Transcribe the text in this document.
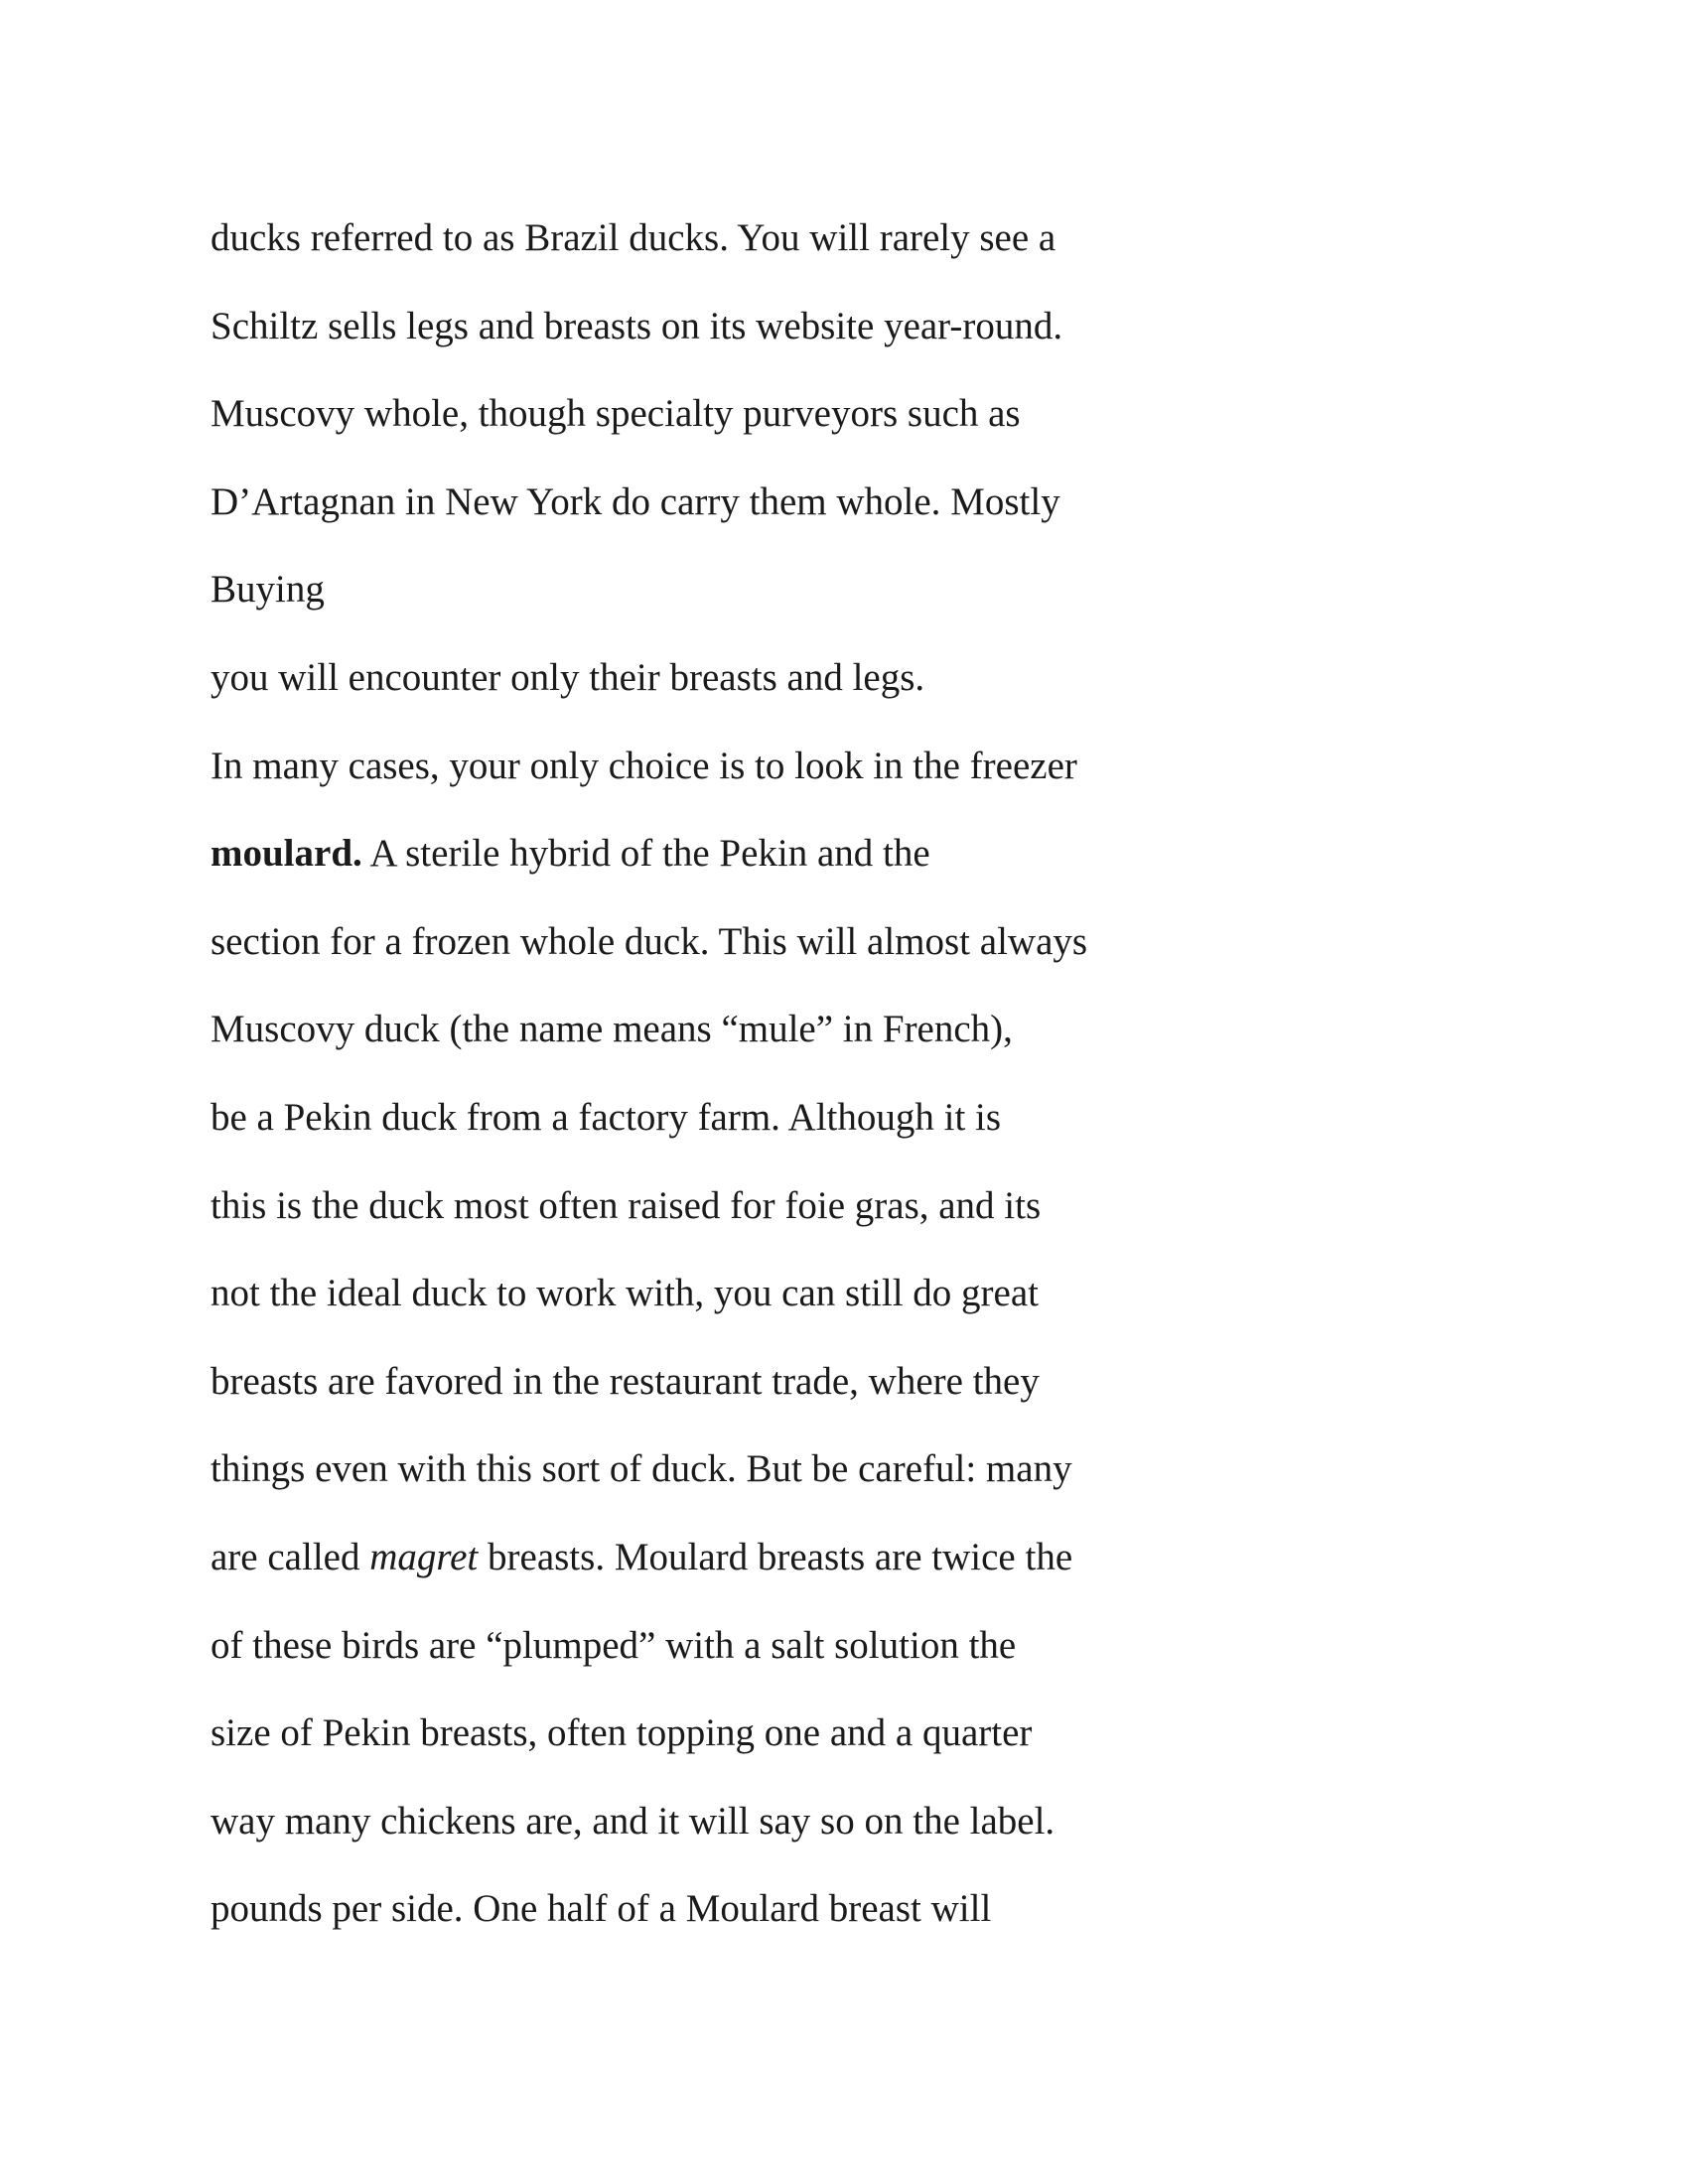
ducks referred to as Brazil ducks. You will rarely see a
Schiltz sells legs and breasts on its website year-round.
Muscovy whole, though specialty purveyors such as
D’Artagnan in New York do carry them whole. Mostly
Buying
you will encounter only their breasts and legs.
In many cases, your only choice is to look in the freezer
moulard. A sterile hybrid of the Pekin and the
section for a frozen whole duck. This will almost always
Muscovy duck (the name means “mule” in French),
be a Pekin duck from a factory farm. Although it is
this is the duck most often raised for foie gras, and its
not the ideal duck to work with, you can still do great
breasts are favored in the restaurant trade, where they
things even with this sort of duck. But be careful: many
are called magret breasts. Moulard breasts are twice the
of these birds are “plumped” with a salt solution the
size of Pekin breasts, often topping one and a quarter
way many chickens are, and it will say so on the label.
pounds per side. One half of a Moulard breast will
